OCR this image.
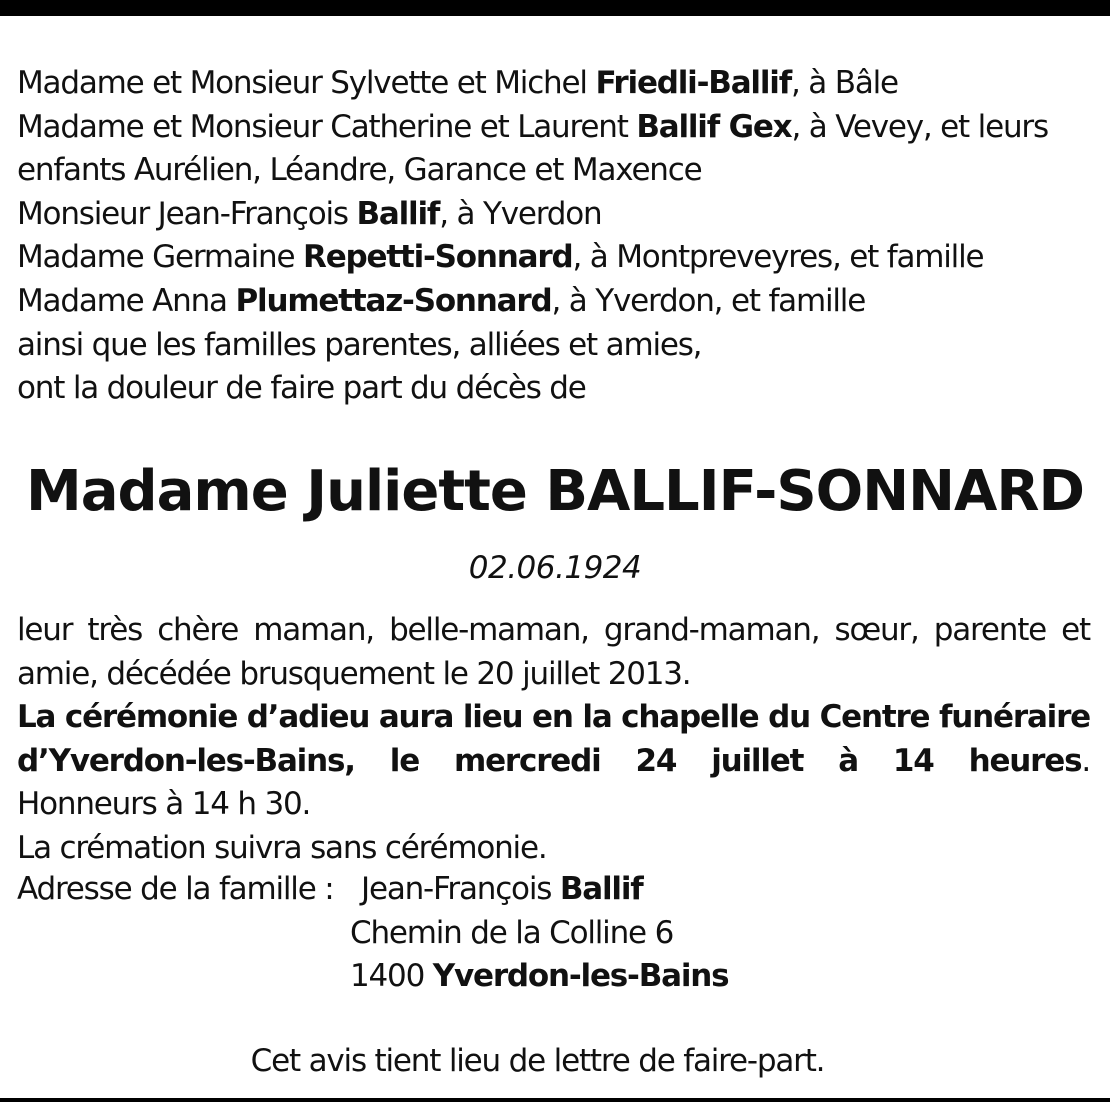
Madame et Monsieur Sylvette et Michel Friedli-Ballif, à Bâle
Madame et Monsieur Catherine et Laurent Ballif Gex, à Vevey, et leurs
enfants Aurélien, Léandre, Garance et Maxence
Monsieur Jean-François Ballif, à Yverdon
Madame Germaine Repetti-Sonnard, à Montpreveyres, et famille
Madame Anna Plumettaz-Sonnard, à Yverdon, et famille
ainsi que les familles parentes, alliées et amies,
ont la douleur de faire part du décès de
Madame Juliette BALLIF-SONNARD
02.06.1924
leur très chère maman, belle-maman, grand-maman, sœur, parente et
amie, décédée brusquement le 20 juillet 2013.
La cérémonie d’adieu aura lieu en la chapelle du Centre funéraire
d’Yverdon-les-Bains, le mercredi 24 juillet à 14 heures.
Honneurs à 14 h 30.
La crémation suivra sans cérémonie.
Adresse de la famille : Jean-François Ballif
Chemin de la Colline 6
1400 Yverdon-les-Bains
Cet avis tient lieu de lettre de faire-part.
